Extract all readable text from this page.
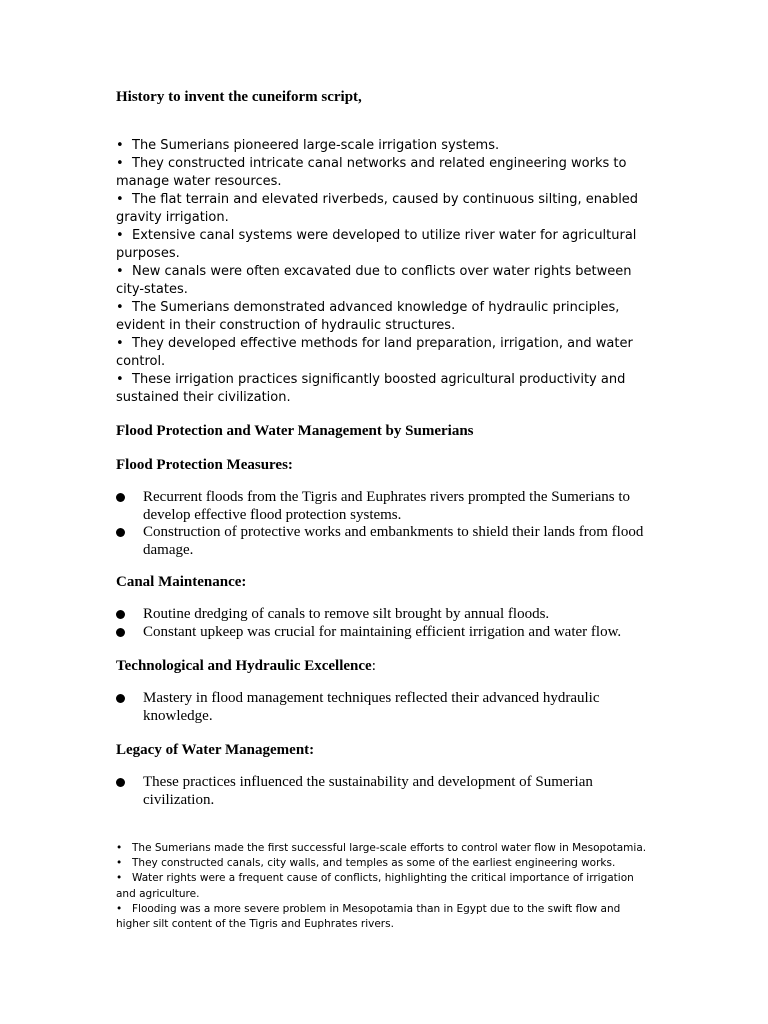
History to invent the cuneiform script,
• The Sumerians pioneered large-scale irrigation systems.
• They constructed intricate canal networks and related engineering works to manage water resources.
• The flat terrain and elevated riverbeds, caused by continuous silting, enabled gravity irrigation.
• Extensive canal systems were developed to utilize river water for agricultural purposes.
• New canals were often excavated due to conflicts over water rights between city-states.
• The Sumerians demonstrated advanced knowledge of hydraulic principles, evident in their construction of hydraulic structures.
• They developed effective methods for land preparation, irrigation, and water control.
• These irrigation practices significantly boosted agricultural productivity and sustained their civilization.
Flood Protection and Water Management by Sumerians
Flood Protection Measures:
Recurrent floods from the Tigris and Euphrates rivers prompted the Sumerians to develop effective flood protection systems.
Construction of protective works and embankments to shield their lands from flood damage.
Canal Maintenance:
Routine dredging of canals to remove silt brought by annual floods.
Constant upkeep was crucial for maintaining efficient irrigation and water flow.
Technological and Hydraulic Excellence:
Mastery in flood management techniques reflected their advanced hydraulic knowledge.
Legacy of Water Management:
These practices influenced the sustainability and development of Sumerian civilization.
• The Sumerians made the first successful large-scale efforts to control water flow in Mesopotamia.
• They constructed canals, city walls, and temples as some of the earliest engineering works.
• Water rights were a frequent cause of conflicts, highlighting the critical importance of irrigation and agriculture.
• Flooding was a more severe problem in Mesopotamia than in Egypt due to the swift flow and higher silt content of the Tigris and Euphrates rivers.
